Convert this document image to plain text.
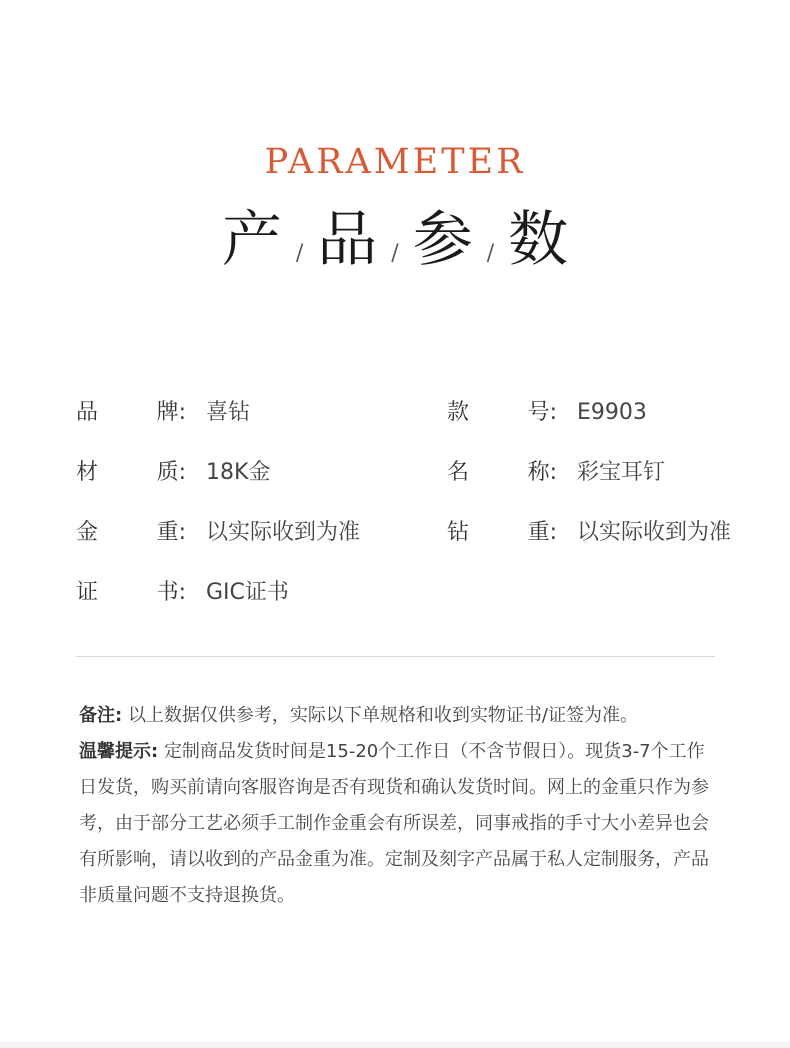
PARAMETER
产 / 品 / 参 / 数
品	牌: 喜钻	款	号: E9903
材	质: 18K金	名	称: 彩宝耳钉
金	重: 以实际收到为准	钻	重: 以实际收到为准
证	书: GIC证书

备注: 以上数据仅供参考，实际以下单规格和收到实物证书/证签为准。

温馨提示: 定制商品发货时间是15-20个工作日（不含节假日）。现货3-7个工作日发货，购买前请向客服咨询是否有现货和确认发货时间。网上的金重只作为参考，由于部分工艺必须手工制作金重会有所误差，同事戒指的手寸大小差异也会有所影响，请以收到的产品金重为准。定制及刻字产品属于私人定制服务，产品非质量问题不支持退换货。
